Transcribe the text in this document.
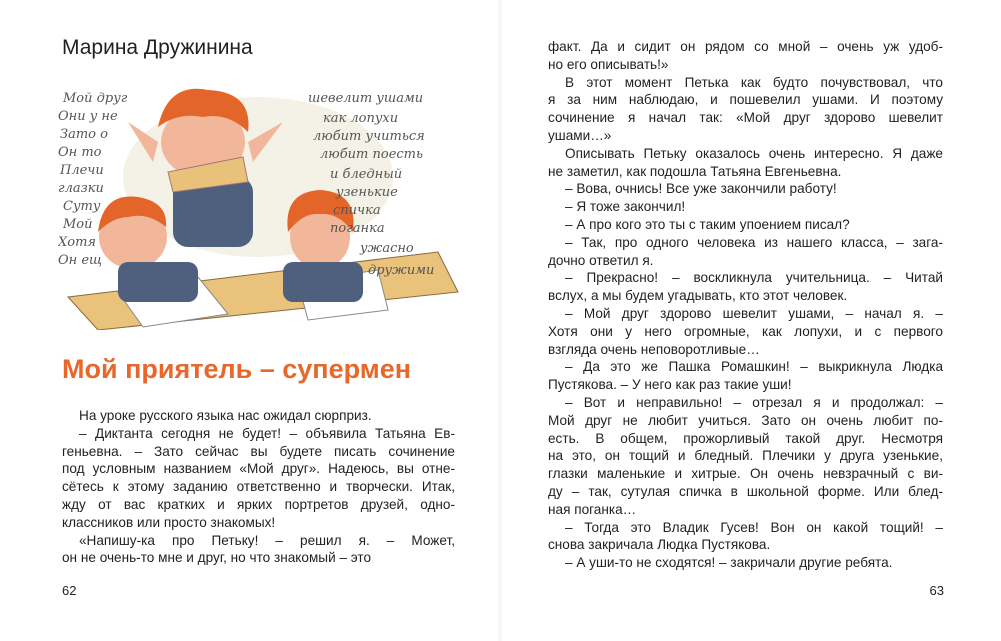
Марина Дружинина
Мой друг
Они у не
Зато о
Он то
Плечи
глазки
Суту
Мой
Хотя
Он ещ
шевелит ушами
как лопухи
любит учиться
любит поесть
и бледный
узенькие
спичка
поганка
ужасно
дружими
Мой приятель – супермен
На уроке русского языка нас ожидал сюрприз.
– Диктанта сегодня не будет! – объявила Татьяна Ев-
геньевна. – Зато сейчас вы будете писать сочинение
под условным названием «Мой друг». Надеюсь, вы отне-
сётесь к этому заданию ответственно и творчески. Итак,
жду от вас кратких и ярких портретов друзей, одно-
классников или просто знакомых!
«Напишу-ка про Петьку! – решил я. – Может,
он не очень-то мне и друг, но что знакомый – это
62
факт. Да и сидит он рядом со мной – очень уж удоб-
но его описывать!»
В этот момент Петька как будто почувствовал, что
я за ним наблюдаю, и пошевелил ушами. И поэтому
сочинение я начал так: «Мой друг здорово шевелит
ушами…»
Описывать Петьку оказалось очень интересно. Я даже
не заметил, как подошла Татьяна Евгеньевна.
– Вова, очнись! Все уже закончили работу!
– Я тоже закончил!
– А про кого это ты с таким упоением писал?
– Так, про одного человека из нашего класса, – зага-
дочно ответил я.
– Прекрасно! – воскликнула учительница. – Читай
вслух, а мы будем угадывать, кто этот человек.
– Мой друг здорово шевелит ушами, – начал я. –
Хотя они у него огромные, как лопухи, и с первого
взгляда очень неповоротливые…
– Да это же Пашка Ромашкин! – выкрикнула Людка
Пустякова. – У него как раз такие уши!
– Вот и неправильно! – отрезал я и продолжал: –
Мой друг не любит учиться. Зато он очень любит по-
есть. В общем, прожорливый такой друг. Несмотря
на это, он тощий и бледный. Плечики у друга узенькие,
глазки маленькие и хитрые. Он очень невзрачный с ви-
ду – так, сутулая спичка в школьной форме. Или блед-
ная поганка…
– Тогда это Владик Гусев! Вон он какой тощий! –
снова закричала Людка Пустякова.
– А уши-то не сходятся! – закричали другие ребята.
63
